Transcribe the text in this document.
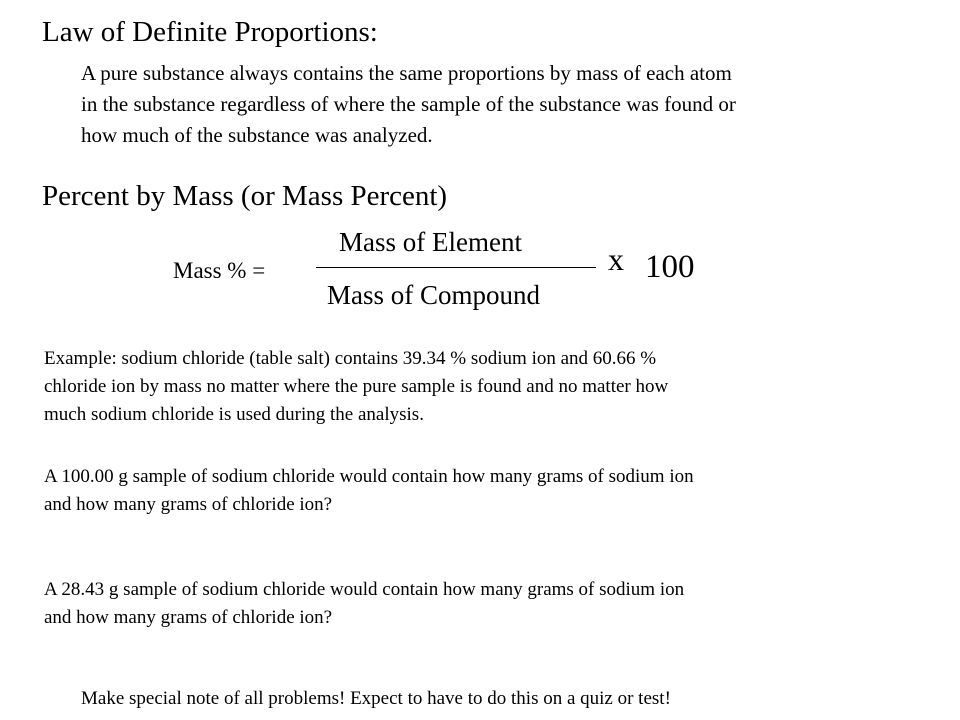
Law of Definite Proportions:
A pure substance always contains the same proportions by mass of each atom
in the substance regardless of where the sample of the substance was found or
how much of the substance was analyzed.
Percent by Mass (or Mass Percent)
Mass % =
Mass of Element
Mass of Compound
x 100
Example: sodium chloride (table salt) contains 39.34 % sodium ion and 60.66 %
chloride ion by mass no matter where the pure sample is found and no matter how
much sodium chloride is used during the analysis.
A 100.00 g sample of sodium chloride would contain how many grams of sodium ion
and how many grams of chloride ion?
A 28.43 g sample of sodium chloride would contain how many grams of sodium ion
and how many grams of chloride ion?
Make special note of all problems! Expect to have to do this on a quiz or test!
